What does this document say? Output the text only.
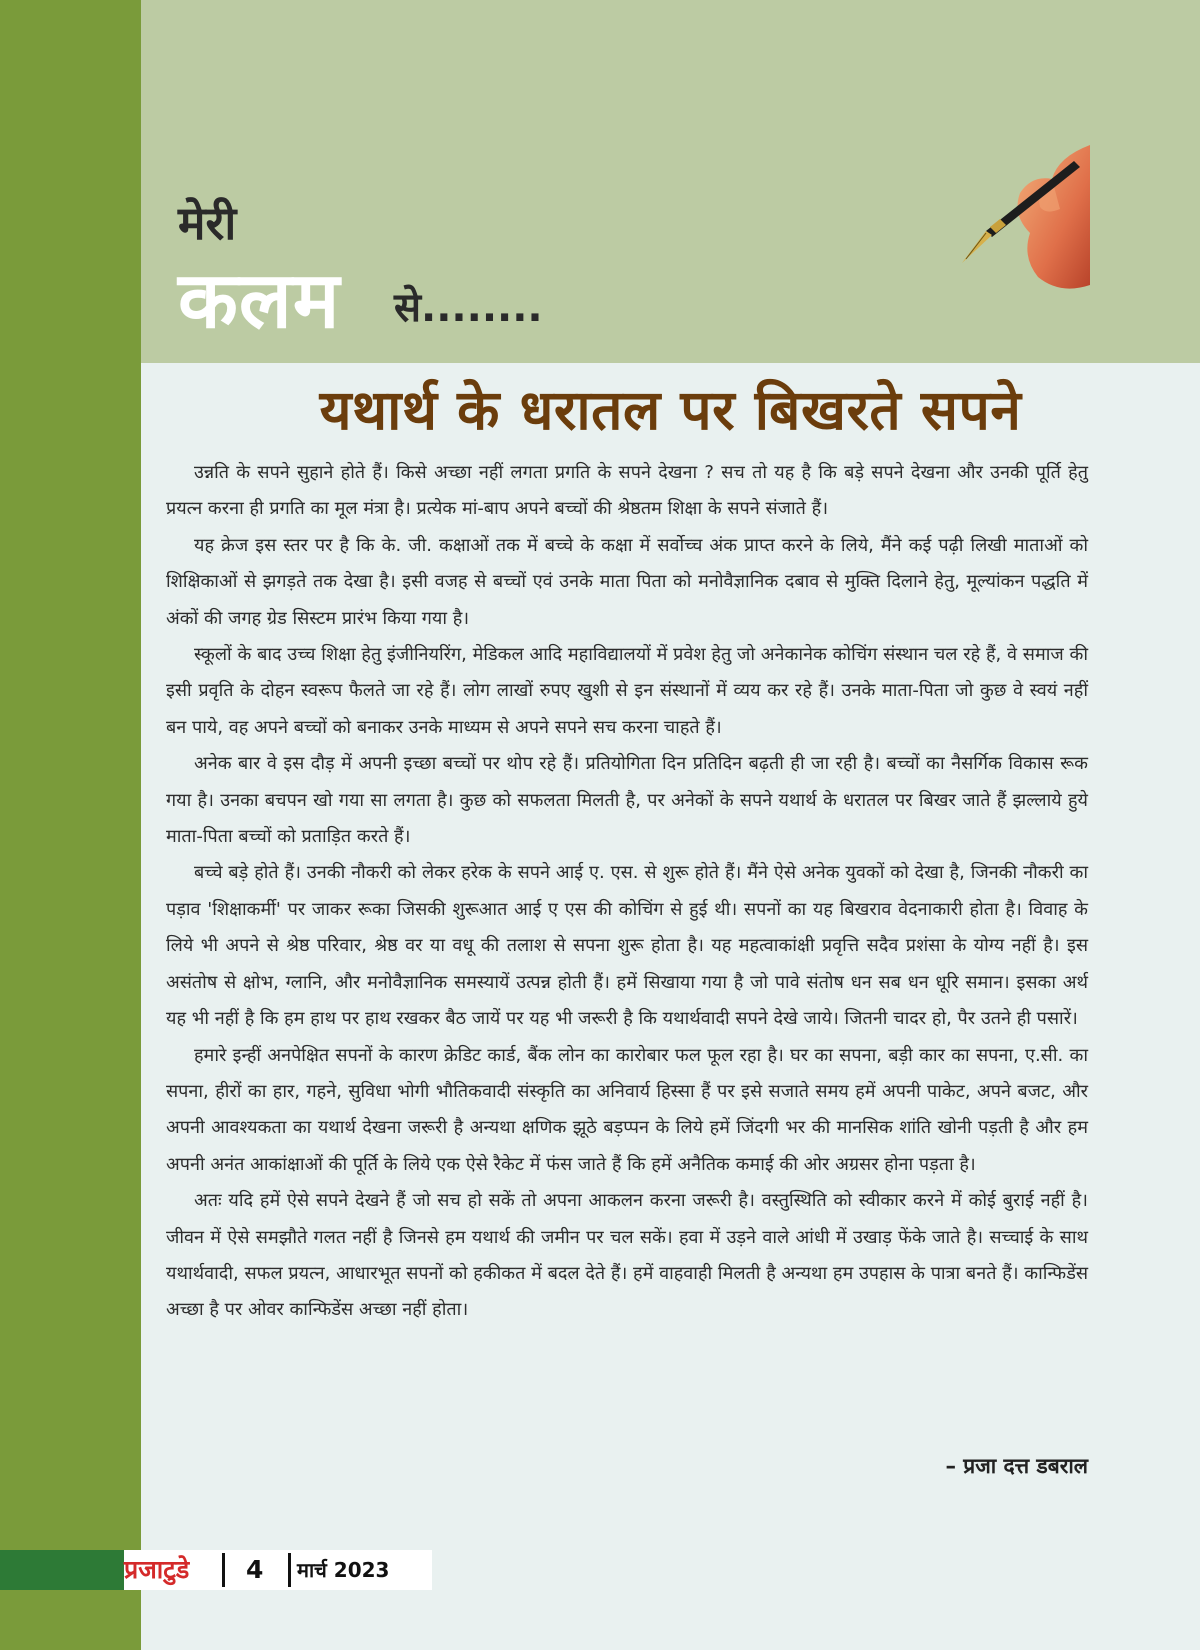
मेरी
कलम से........
यथार्थ के धरातल पर बिखरते सपने

उन्नति के सपने सुहाने होते हैं। किसे अच्छा नहीं लगता प्रगति के सपने देखना ? सच तो यह है कि बड़े सपने देखना और उनकी पूर्ति हेतु प्रयत्न करना ही प्रगति का मूल मंत्रा है। प्रत्येक मां-बाप अपने बच्चों की श्रेष्ठतम शिक्षा के सपने संजाते हैं।

यह क्रेज इस स्तर पर है कि के. जी. कक्षाओं तक में बच्चे के कक्षा में सर्वोच्च अंक प्राप्त करने के लिये, मैंने कई पढ़ी लिखी माताओं को शिक्षिकाओं से झगड़ते तक देखा है। इसी वजह से बच्चों एवं उनके माता पिता को मनोवैज्ञानिक दबाव से मुक्ति दिलाने हेतु, मूल्यांकन पद्धति में अंकों की जगह ग्रेड सिस्टम प्रारंभ किया गया है।

स्कूलों के बाद उच्च शिक्षा हेतु इंजीनियरिंग, मेडिकल आदि महाविद्यालयों में प्रवेश हेतु जो अनेकानेक कोचिंग संस्थान चल रहे हैं, वे समाज की इसी प्रवृति के दोहन स्वरूप फैलते जा रहे हैं। लोग लाखों रुपए खुशी से इन संस्थानों में व्यय कर रहे हैं। उनके माता-पिता जो कुछ वे स्वयं नहीं बन पाये, वह अपने बच्चों को बनाकर उनके माध्यम से अपने सपने सच करना चाहते हैं।

अनेक बार वे इस दौड़ में अपनी इच्छा बच्चों पर थोप रहे हैं। प्रतियोगिता दिन प्रतिदिन बढ़ती ही जा रही है। बच्चों का नैसर्गिक विकास रूक गया है। उनका बचपन खो गया सा लगता है। कुछ को सफलता मिलती है, पर अनेकों के सपने यथार्थ के धरातल पर बिखर जाते हैं झल्लाये हुये माता-पिता बच्चों को प्रताड़ित करते हैं।

बच्चे बड़े होते हैं। उनकी नौकरी को लेकर हरेक के सपने आई ए. एस. से शुरू होते हैं। मैंने ऐसे अनेक युवकों को देखा है, जिनकी नौकरी का पड़ाव 'शिक्षाकर्मी' पर जाकर रूका जिसकी शुरूआत आई ए एस की कोचिंग से हुई थी। सपनों का यह बिखराव वेदनाकारी होता है। विवाह के लिये भी अपने से श्रेष्ठ परिवार, श्रेष्ठ वर या वधू की तलाश से सपना शुरू होता है। यह महत्वाकांक्षी प्रवृत्ति सदैव प्रशंसा के योग्य नहीं है। इस असंतोष से क्षोभ, ग्लानि, और मनोवैज्ञानिक समस्यायें उत्पन्न होती हैं। हमें सिखाया गया है जो पावे संतोष धन सब धन धूरि समान। इसका अर्थ यह भी नहीं है कि हम हाथ पर हाथ रखकर बैठ जायें पर यह भी जरूरी है कि यथार्थवादी सपने देखे जाये। जितनी चादर हो, पैर उतने ही पसारें।

हमारे इन्हीं अनपेक्षित सपनों के कारण क्रेडिट कार्ड, बैंक लोन का कारोबार फल फूल रहा है। घर का सपना, बड़ी कार का सपना, ए.सी. का सपना, हीरों का हार, गहने, सुविधा भोगी भौतिकवादी संस्कृति का अनिवार्य हिस्सा हैं पर इसे सजाते समय हमें अपनी पाकेट, अपने बजट, और अपनी आवश्यकता का यथार्थ देखना जरूरी है अन्यथा क्षणिक झूठे बड़प्पन के लिये हमें जिंदगी भर की मानसिक शांति खोनी पड़ती है और हम अपनी अनंत आकांक्षाओं की पूर्ति के लिये एक ऐसे रैकेट में फंस जाते हैं कि हमें अनैतिक कमाई की ओर अग्रसर होना पड़ता है।

अतः यदि हमें ऐसे सपने देखने हैं जो सच हो सकें तो अपना आकलन करना जरूरी है। वस्तुस्थिति को स्वीकार करने में कोई बुराई नहीं है। जीवन में ऐसे समझौते गलत नहीं है जिनसे हम यथार्थ की जमीन पर चल सकें। हवा में उड़ने वाले आंधी में उखाड़ फेंके जाते है। सच्चाई के साथ यथार्थवादी, सफल प्रयत्न, आधारभूत सपनों को हकीकत में बदल देते हैं। हमें वाहवाही मिलती है अन्यथा हम उपहास के पात्रा बनते हैं। कान्फिडेंस अच्छा है पर ओवर कान्फिडेंस अच्छा नहीं होता।

– प्रजा दत्त डबराल
प्रजाटुडे 4 मार्च 2023
